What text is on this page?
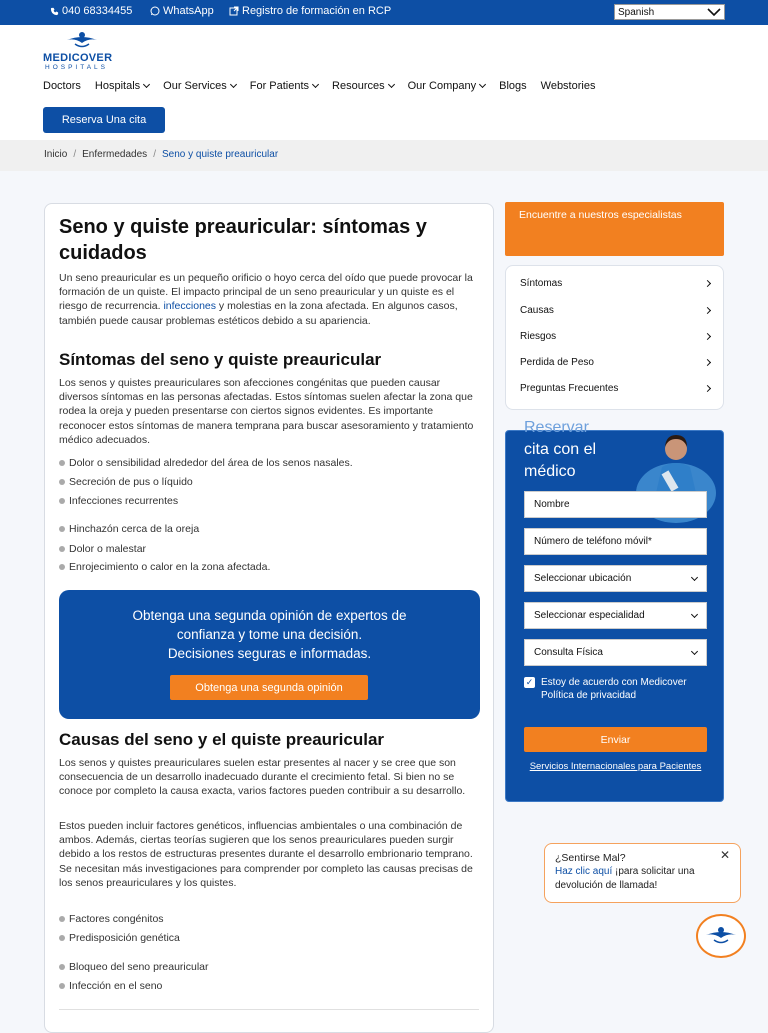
040 68334455	WhatsApp	Registro de formación en RCP	Spanish
MEDICOVER
HOSPITALS
Doctors Hospitals Our Services For Patients Resources Our Company Blogs Webstories
Reserva Una cita
Inicio / Enfermedades / Seno y quiste preauricular
Seno y quiste preauricular: síntomas y cuidados

Un seno preauricular es un pequeño orificio o hoyo cerca del oído que puede provocar la formación de un quiste. El impacto principal de un seno preauricular y un quiste es el riesgo de recurrencia. infecciones y molestias en la zona afectada. En algunos casos, también puede causar problemas estéticos debido a su apariencia.

Síntomas del seno y quiste preauricular

Los senos y quistes preauriculares son afecciones congénitas que pueden causar diversos síntomas en las personas afectadas. Estos síntomas suelen afectar la zona que rodea la oreja y pueden presentarse con ciertos signos evidentes. Es importante reconocer estos síntomas de manera temprana para buscar asesoramiento y tratamiento médico adecuados.

Dolor o sensibilidad alrededor del área de los senos nasales.
Secreción de pus o líquido
Infecciones recurrentes
Hinchazón cerca de la oreja
Dolor o malestar
Enrojecimiento o calor en la zona afectada.
Obtenga una segunda opinión de expertos de
confianza y tome una decisión.
Decisiones seguras e informadas.
Obtenga una segunda opinión
Causas del seno y el quiste preauricular

Los senos y quistes preauriculares suelen estar presentes al nacer y se cree que son consecuencia de un desarrollo inadecuado durante el crecimiento fetal. Si bien no se conoce por completo la causa exacta, varios factores pueden contribuir a su desarrollo.

Estos pueden incluir factores genéticos, influencias ambientales o una combinación de ambos. Además, ciertas teorías sugieren que los senos preauriculares pueden surgir debido a los restos de estructuras presentes durante el desarrollo embrionario temprano. Se necesitan más investigaciones para comprender por completo las causas precisas de los senos preauriculares y los quistes.

Factores congénitos
Predisposición genética
Bloqueo del seno preauricular
Infección en el seno
Encuentre a nuestros especialistas
Síntomas
Causas
Riesgos
Perdida de Peso
Preguntas Frecuentes
Reservar
cita con el médico
Nombre
Número de teléfono móvil*
Seleccionar ubicación
Seleccionar especialidad
Consulta Física
✓ Estoy de acuerdo con Medicover Política de privacidad
Enviar
Servicios Internacionales para Pacientes
¿Sentirse Mal?	✕
Haz clic aquí ¡para solicitar una devolución de llamada!
